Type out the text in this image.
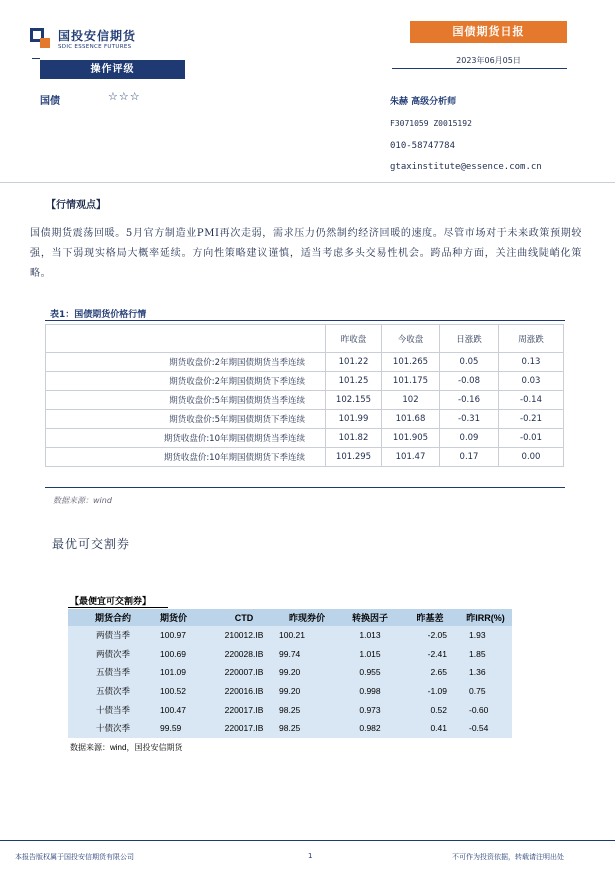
国投安信期货
SDIC ESSENCE FUTURES
国债期货日报
2023年06月05日
操作评级
国债	☆☆☆	朱赫 高级分析师
F3071059 Z0015192
010-58747784
gtaxinstitute@essence.com.cn
【行情观点】
国债期货震荡回暖。5月官方制造业PMI再次走弱，需求压力仍然制约经济回暖的速度。尽管市场对于未来政策预期较强，当下弱现实格局大概率延续。方向性策略建议谨慎，适当考虑多头交易性机会。跨品种方面，关注曲线陡峭化策略。
表1：国债期货价格行情
	昨收盘	今收盘	日涨跌	周涨跌
期货收盘价:2年期国债期货当季连续	101.22	101.265	0.05	0.13
期货收盘价:2年期国债期货下季连续	101.25	101.175	-0.08	0.03
期货收盘价:5年期国债期货当季连续	102.155	102	-0.16	-0.14
期货收盘价:5年期国债期货下季连续	101.99	101.68	-0.31	-0.21
期货收盘价:10年期国债期货当季连续	101.82	101.905	0.09	-0.01
期货收盘价:10年期国债期货下季连续	101.295	101.47	0.17	0.00
数据来源：wind
最优可交割券
【最便宜可交割券】
期货合约	期货价	CTD	昨现券价	转换因子	昨基差	昨IRR(%)
两债当季	100.97	210012.IB	100.21	1.013	-2.05	1.93
两债次季	100.69	220028.IB	99.74	1.015	-2.41	1.85
五债当季	101.09	220007.IB	99.20	0.955	2.65	1.36
五债次季	100.52	220016.IB	99.20	0.998	-1.09	0.75
十债当季	100.47	220017.IB	98.25	0.973	0.52	-0.60
十债次季	99.59	220017.IB	98.25	0.982	0.41	-0.54
数据来源：wind，国投安信期货
本报告版权属于国投安信期货有限公司	1	不可作为投资依据，转载请注明出处
